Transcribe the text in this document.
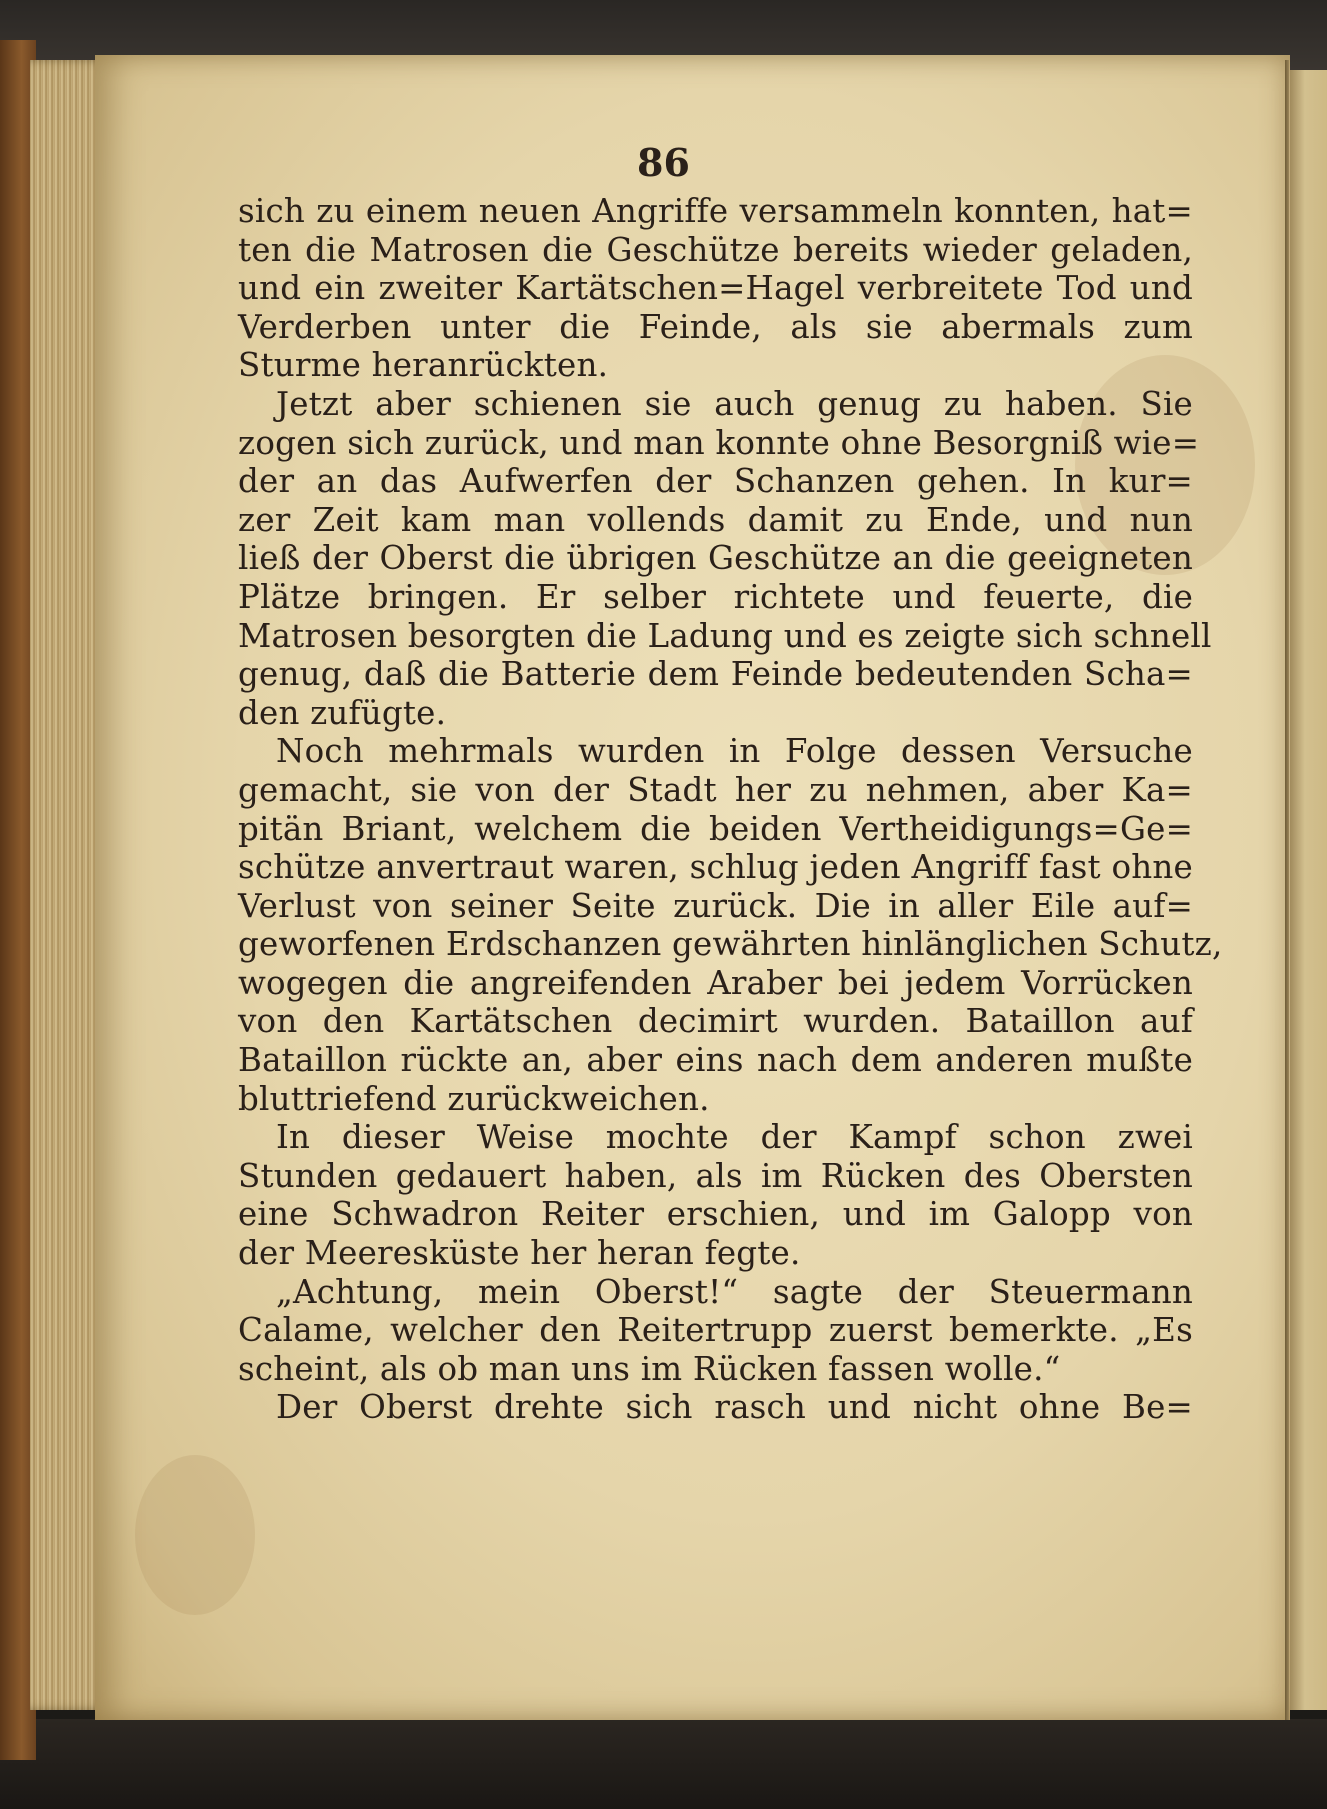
86
sich zu einem neuen Angriffe versammeln konnten, hat=
ten die Matrosen die Geschütze bereits wieder geladen,
und ein zweiter Kartätschen=Hagel verbreitete Tod und
Verderben unter die Feinde, als sie abermals zum
Sturme heranrückten.
Jetzt aber schienen sie auch genug zu haben. Sie
zogen sich zurück, und man konnte ohne Besorgniß wie=
der an das Aufwerfen der Schanzen gehen. In kur=
zer Zeit kam man vollends damit zu Ende, und nun
ließ der Oberst die übrigen Geschütze an die geeigneten
Plätze bringen. Er selber richtete und feuerte, die
Matrosen besorgten die Ladung und es zeigte sich schnell
genug, daß die Batterie dem Feinde bedeutenden Scha=
den zufügte.
Noch mehrmals wurden in Folge dessen Versuche
gemacht, sie von der Stadt her zu nehmen, aber Ka=
pitän Briant, welchem die beiden Vertheidigungs=Ge=
schütze anvertraut waren, schlug jeden Angriff fast ohne
Verlust von seiner Seite zurück. Die in aller Eile auf=
geworfenen Erdschanzen gewährten hinlänglichen Schutz,
wogegen die angreifenden Araber bei jedem Vorrücken
von den Kartätschen decimirt wurden. Bataillon auf
Bataillon rückte an, aber eins nach dem anderen mußte
bluttriefend zurückweichen.
In dieser Weise mochte der Kampf schon zwei
Stunden gedauert haben, als im Rücken des Obersten
eine Schwadron Reiter erschien, und im Galopp von
der Meeresküste her heran fegte.
„Achtung, mein Oberst!“ sagte der Steuermann
Calame, welcher den Reitertrupp zuerst bemerkte. „Es
scheint, als ob man uns im Rücken fassen wolle.“
Der Oberst drehte sich rasch und nicht ohne Be=
